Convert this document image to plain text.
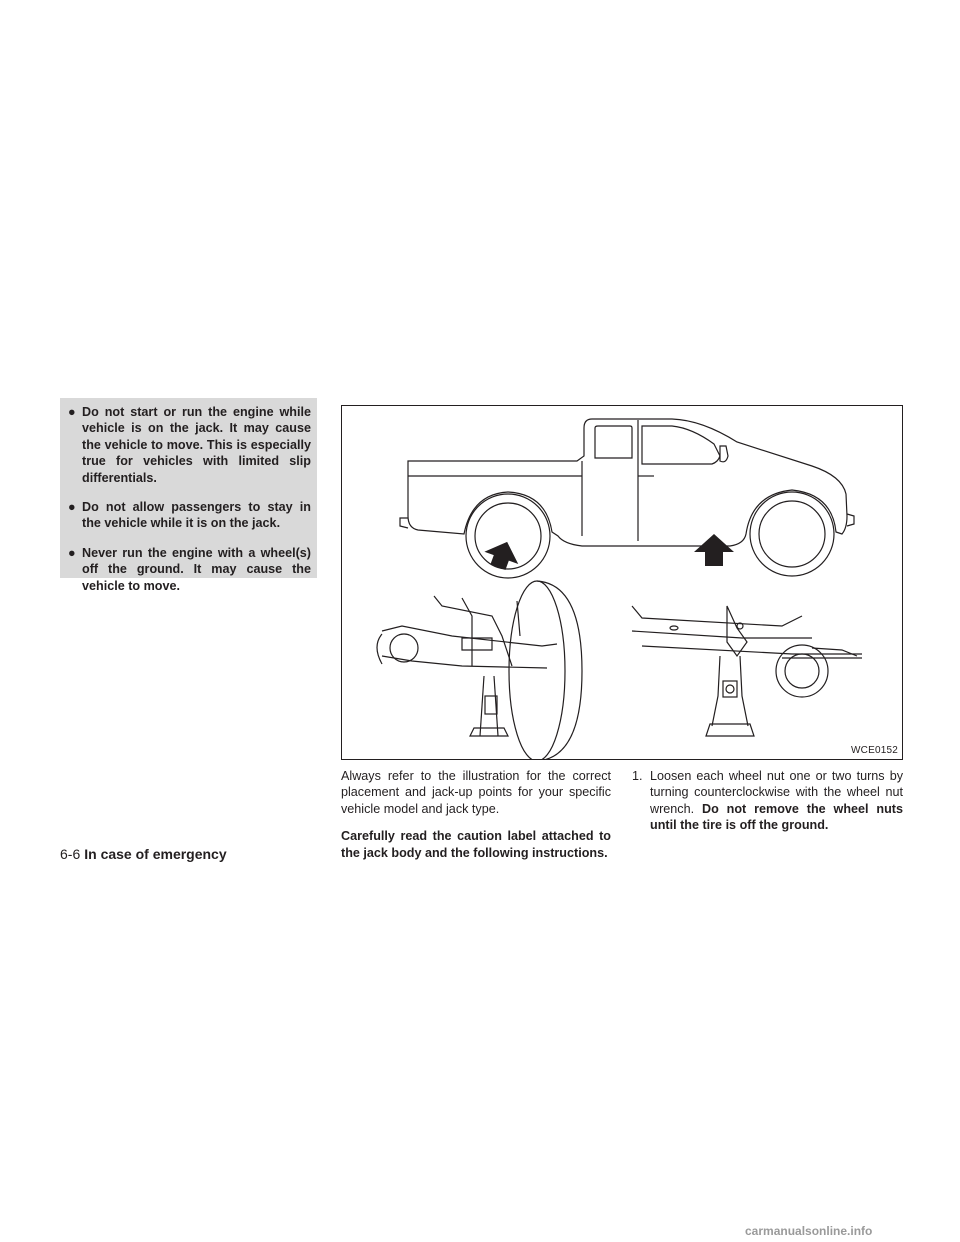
● Do not start or run the engine while vehicle is on the jack. It may cause the vehicle to move. This is especially true for vehicles with limited slip differentials.
● Do not allow passengers to stay in the vehicle while it is on the jack.
● Never run the engine with a wheel(s) off the ground. It may cause the vehicle to move.
WCE0152

Always refer to the illustration for the correct placement and jack-up points for your specific vehicle model and jack type.

Carefully read the caution label attached to the jack body and the following instructions.

1. Loosen each wheel nut one or two turns by turning counterclockwise with the wheel nut wrench. Do not remove the wheel nuts until the tire is off the ground.
6-6 In case of emergency
carmanualsonline.info
